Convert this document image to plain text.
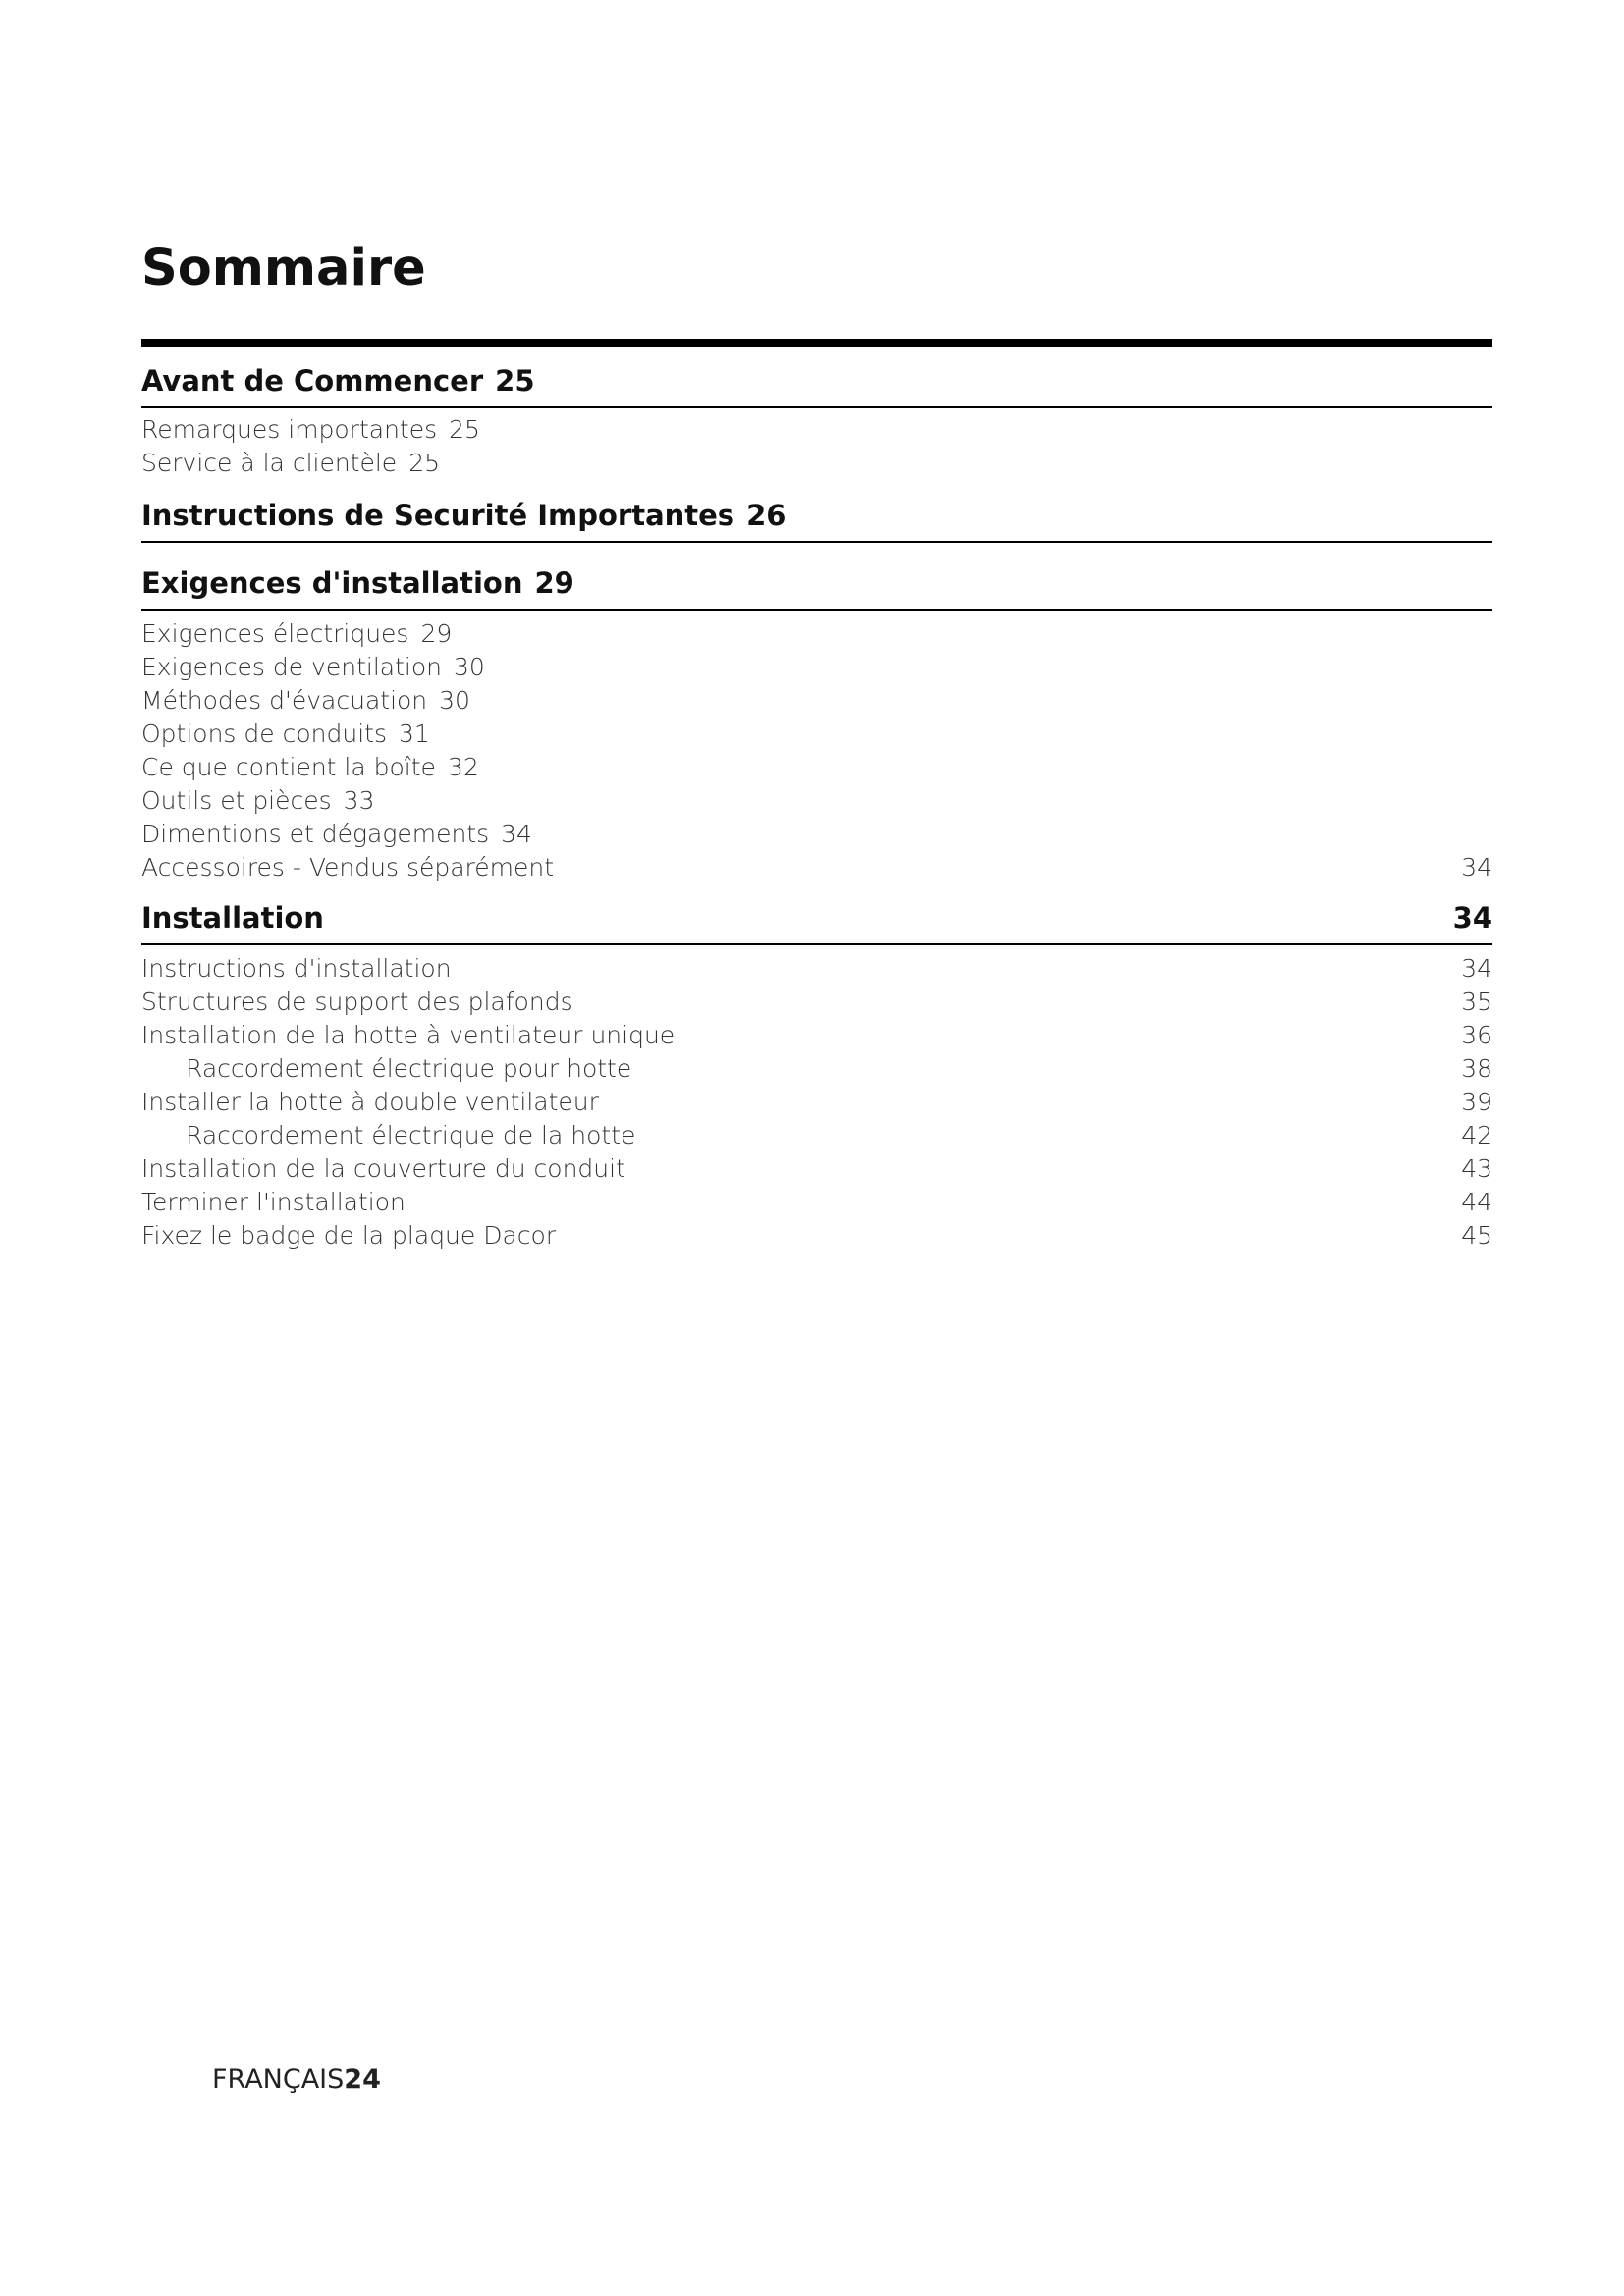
Sommaire
Avant de Commencer 25
Remarques importantes 25
Service à la clientèle 25
Instructions de Securité Importantes 26
Exigences d'installation 29
Exigences électriques 29
Exigences de ventilation 30
Méthodes d'évacuation 30
Options de conduits 31
Ce que contient la boîte 32
Outils et pièces 33
Dimentions et dégagements 34
Accessoires - Vendus séparément	34
Installation	34
Instructions d'installation	34
Structures de support des plafonds	35
Installation de la hotte à ventilateur unique	36
Raccordement électrique pour hotte	38
Installer la hotte à double ventilateur	39
Raccordement électrique de la hotte	42
Installation de la couverture du conduit	43
Terminer l'installation	44
Fixez le badge de la plaque Dacor	45
FRANÇAIS24
